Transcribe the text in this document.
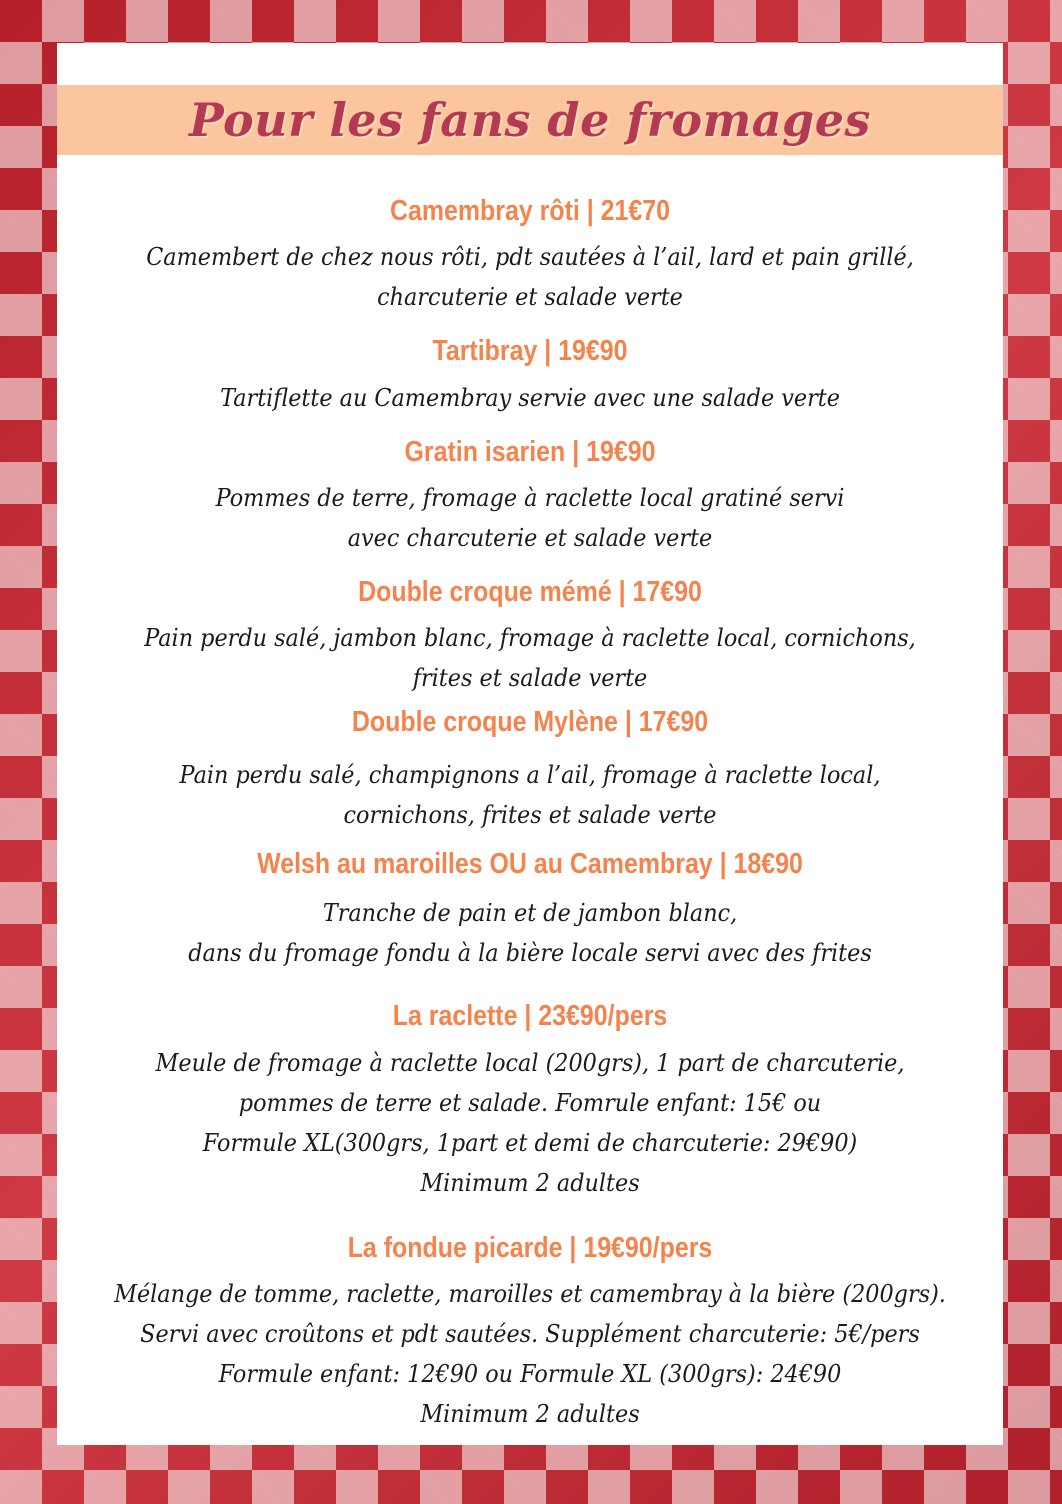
Pour les fans de fromages
Camembray rôti | 21€70
Camembert de chez nous rôti, pdt sautées à l’ail, lard et pain grillé,
charcuterie et salade verte
Tartibray | 19€90
Tartiflette au Camembray servie avec une salade verte
Gratin isarien | 19€90
Pommes de terre, fromage à raclette local gratiné servi
avec charcuterie et salade verte
Double croque mémé | 17€90
Pain perdu salé, jambon blanc, fromage à raclette local, cornichons,
frites et salade verte
Double croque Mylène | 17€90
Pain perdu salé, champignons a l’ail, fromage à raclette local,
cornichons, frites et salade verte
Welsh au maroilles OU au Camembray | 18€90
Tranche de pain et de jambon blanc,
dans du fromage fondu à la bière locale servi avec des frites
La raclette | 23€90/pers
Meule de fromage à raclette local (200grs), 1 part de charcuterie,
pommes de terre et salade. Fomrule enfant: 15€ ou
Formule XL(300grs, 1part et demi de charcuterie: 29€90)
Minimum 2 adultes
La fondue picarde | 19€90/pers
Mélange de tomme, raclette, maroilles et camembray à la bière (200grs).
Servi avec croûtons et pdt sautées. Supplément charcuterie: 5€/pers
Formule enfant: 12€90 ou Formule XL (300grs): 24€90
Minimum 2 adultes
